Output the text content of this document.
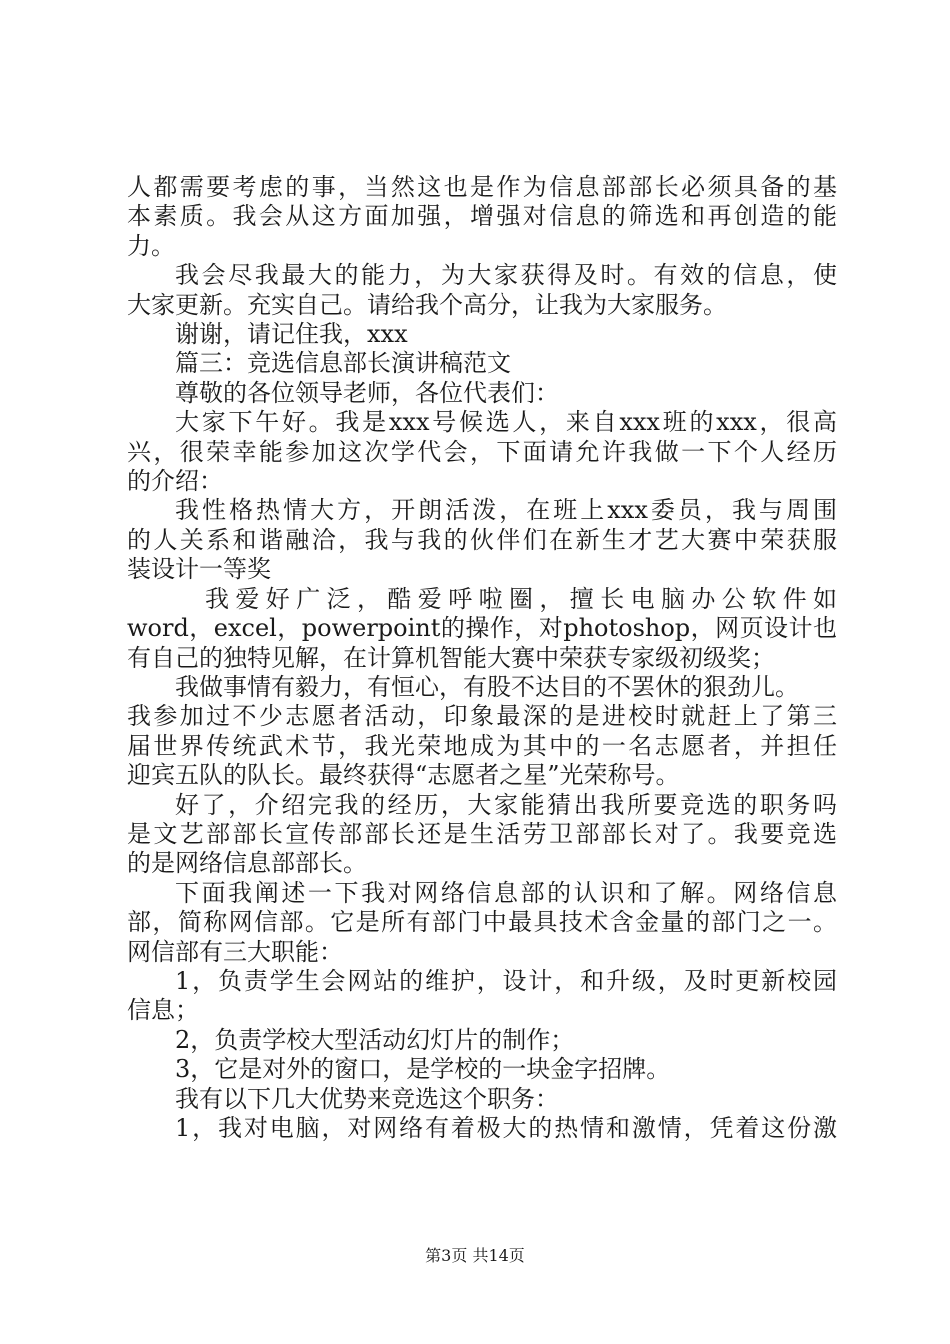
人都需要考虑的事，当然这也是作为信息部部长必须具备的基

本素质。我会从这方面加强，增强对信息的筛选和再创造的能

力。

我会尽我最大的能力，为大家获得及时。有效的信息，使

大家更新。充实自己。请给我个高分，让我为大家服务。

谢谢，请记住我，xxx

篇三：竞选信息部长演讲稿范文

尊敬的各位领导老师，各位代表们：

大家下午好。我是xxx号候选人，来自xxx班的xxx，很高

兴，很荣幸能参加这次学代会，下面请允许我做一下个人经历

的介绍：

我性格热情大方，开朗活泼，在班上xxx委员，我与周围

的人关系和谐融洽，我与我的伙伴们在新生才艺大赛中荣获服

装设计一等奖

我爱好广泛，酷爱呼啦圈，擅长电脑办公软件如

word，excel，powerpoint的操作，对photoshop，网页设计也

有自己的独特见解，在计算机智能大赛中荣获专家级初级奖；

我做事情有毅力，有恒心，有股不达目的不罢休的狠劲儿。

我参加过不少志愿者活动，印象最深的是进校时就赶上了第三

届世界传统武术节，我光荣地成为其中的一名志愿者，并担任

迎宾五队的队长。最终获得“志愿者之星”光荣称号。

好了，介绍完我的经历，大家能猜出我所要竞选的职务吗

是文艺部部长宣传部部长还是生活劳卫部部长对了。我要竞选

的是网络信息部部长。

下面我阐述一下我对网络信息部的认识和了解。网络信息

部，简称网信部。它是所有部门中最具技术含金量的部门之一。

网信部有三大职能：

1，负责学生会网站的维护，设计，和升级，及时更新校园

信息；

2，负责学校大型活动幻灯片的制作；

3，它是对外的窗口，是学校的一块金字招牌。

我有以下几大优势来竞选这个职务：

1，我对电脑，对网络有着极大的热情和激情，凭着这份激

第3页 共14页
